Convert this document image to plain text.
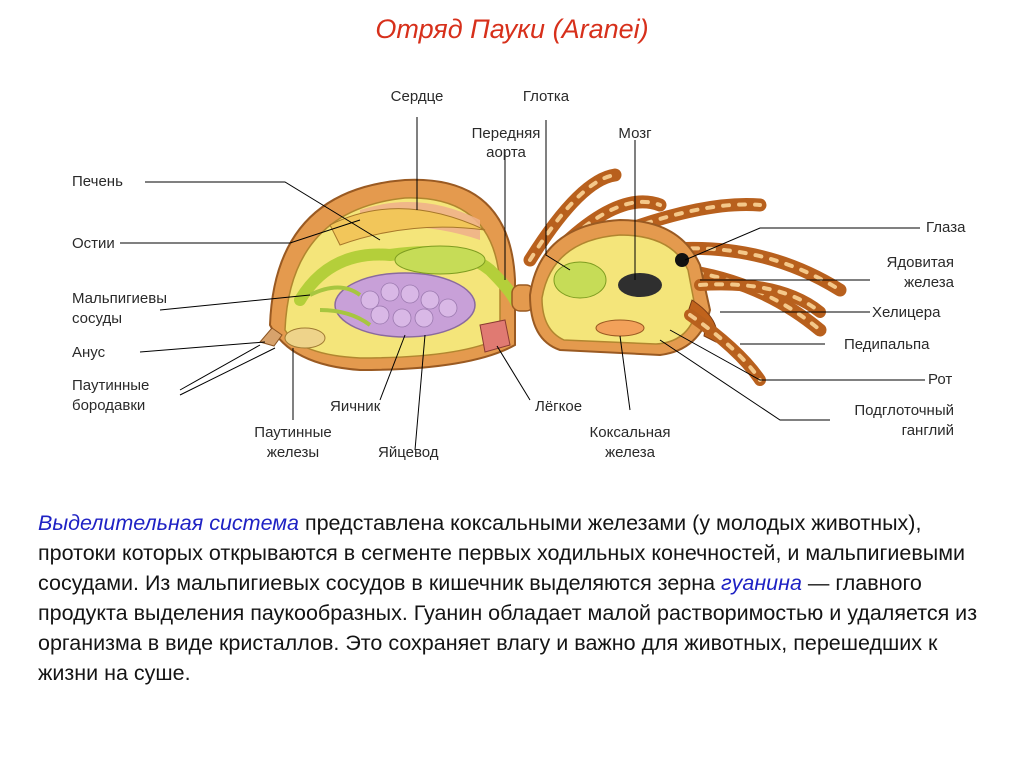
Отряд Пауки (Aranei)
Сердце	Глотка
Передняя
аорта
Мозг
Печень
Остии
Мальпигиевы
сосуды
Анус
Паутинные
бородавки	Яичник
Паутинные
железы	Яйцевод
Лёгкое
Коксальная
железа
Глаза
Ядовитая
железа
Хелицера
Педипальпа
Рот
Подглоточный
ганглий
Выделительная система представлена коксальными железами (у молодых животных), протоки которых открываются в сегменте первых ходильных конечностей, и мальпигиевыми сосудами. Из мальпигиевых сосудов в кишечник выделяются зерна гуанина — главного продукта выделения паукообразных. Гуанин обладает малой растворимостью и удаляется из организма в виде кристаллов. Это сохраняет влагу и важно для животных, перешедших к жизни на суше.
